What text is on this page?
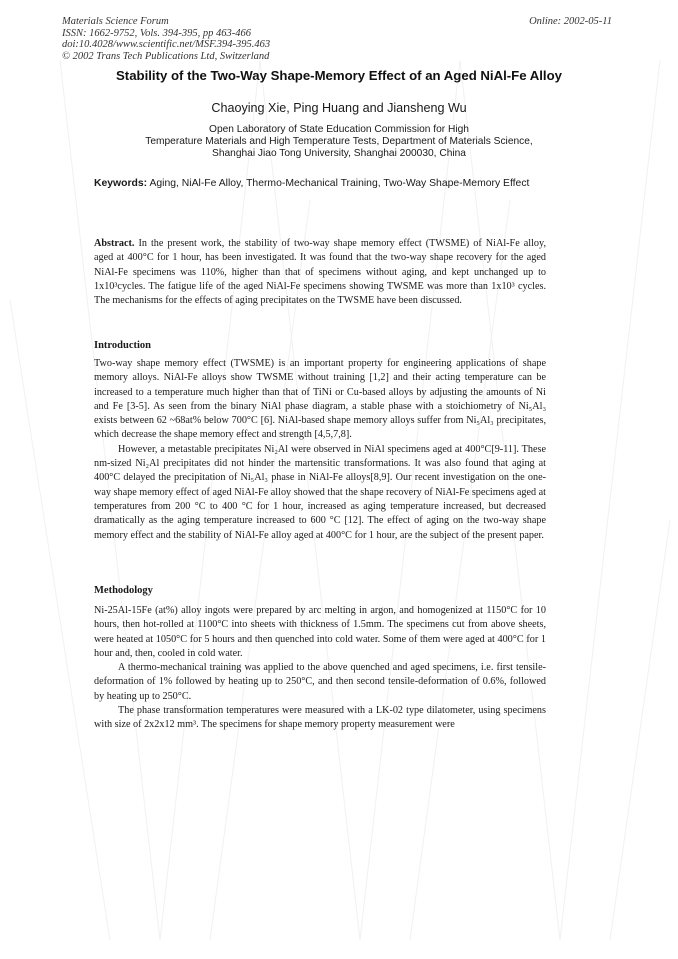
Materials Science Forum
ISSN: 1662-9752, Vols. 394-395, pp 463-466
doi:10.4028/www.scientific.net/MSF.394-395.463
© 2002 Trans Tech Publications Ltd, Switzerland
Online: 2002-05-11
Stability of the Two-Way Shape-Memory Effect of an Aged NiAl-Fe Alloy
Chaoying Xie, Ping Huang and Jiansheng Wu
Open Laboratory of State Education Commission for High
Temperature Materials and High Temperature Tests, Department of Materials Science,
Shanghai Jiao Tong University, Shanghai 200030, China
Keywords: Aging, NiAl-Fe Alloy, Thermo-Mechanical Training, Two-Way Shape-Memory Effect

Abstract. In the present work, the stability of two-way shape memory effect (TWSME) of NiAl-Fe alloy, aged at 400°C for 1 hour, has been investigated. It was found that the two-way shape recovery for the aged NiAl-Fe specimens was 110%, higher than that of specimens without aging, and kept unchanged up to 1x10³cycles. The fatigue life of the aged NiAl-Fe specimens showing TWSME was more than 1x10³ cycles. The mechanisms for the effects of aging precipitates on the TWSME have been discussed.

Introduction

Two-way shape memory effect (TWSME) is an important property for engineering applications of shape memory alloys. NiAl-Fe alloys show TWSME without training [1,2] and their acting temperature can be increased to a temperature much higher than that of TiNi or Cu-based alloys by adjusting the amounts of Ni and Fe [3-5]. As seen from the binary NiAl phase diagram, a stable phase with a stoichiometry of Ni₅Al₃ exists between 62 ~68at% below 700°C [6]. NiAl-based shape memory alloys suffer from Ni₅Al₃ precipitates, which decrease the shape memory effect and strength [4,5,7,8].

However, a metastable precipitates Ni₂Al were observed in NiAl specimens aged at 400°C[9-11]. These nm-sized Ni₂Al precipitates did not hinder the martensitic transformations. It was also found that aging at 400°C delayed the precipitation of Ni₅Al₃ phase in NiAl-Fe alloys[8,9]. Our recent investigation on the one-way shape memory effect of aged NiAl-Fe alloy showed that the shape recovery of NiAl-Fe specimens aged at temperatures from 200 °C to 400 °C for 1 hour, increased as aging temperature increased, but decreased dramatically as the aging temperature increased to 600 °C [12]. The effect of aging on the two-way shape memory effect and the stability of NiAl-Fe alloy aged at 400°C for 1 hour, are the subject of the present paper.

Methodology

Ni-25Al-15Fe (at%) alloy ingots were prepared by arc melting in argon, and homogenized at 1150°C for 10 hours, then hot-rolled at 1100°C into sheets with thickness of 1.5mm. The specimens cut from above sheets, were heated at 1050°C for 5 hours and then quenched into cold water. Some of them were aged at 400°C for 1 hour and, then, cooled in cold water.

A thermo-mechanical training was applied to the above quenched and aged specimens, i.e. first tensile-deformation of 1% followed by heating up to 250°C, and then second tensile-deformation of 0.6%, followed by heating up to 250°C.

The phase transformation temperatures were measured with a LK-02 type dilatometer, using specimens with size of 2x2x12 mm³. The specimens for shape memory property measurement were
